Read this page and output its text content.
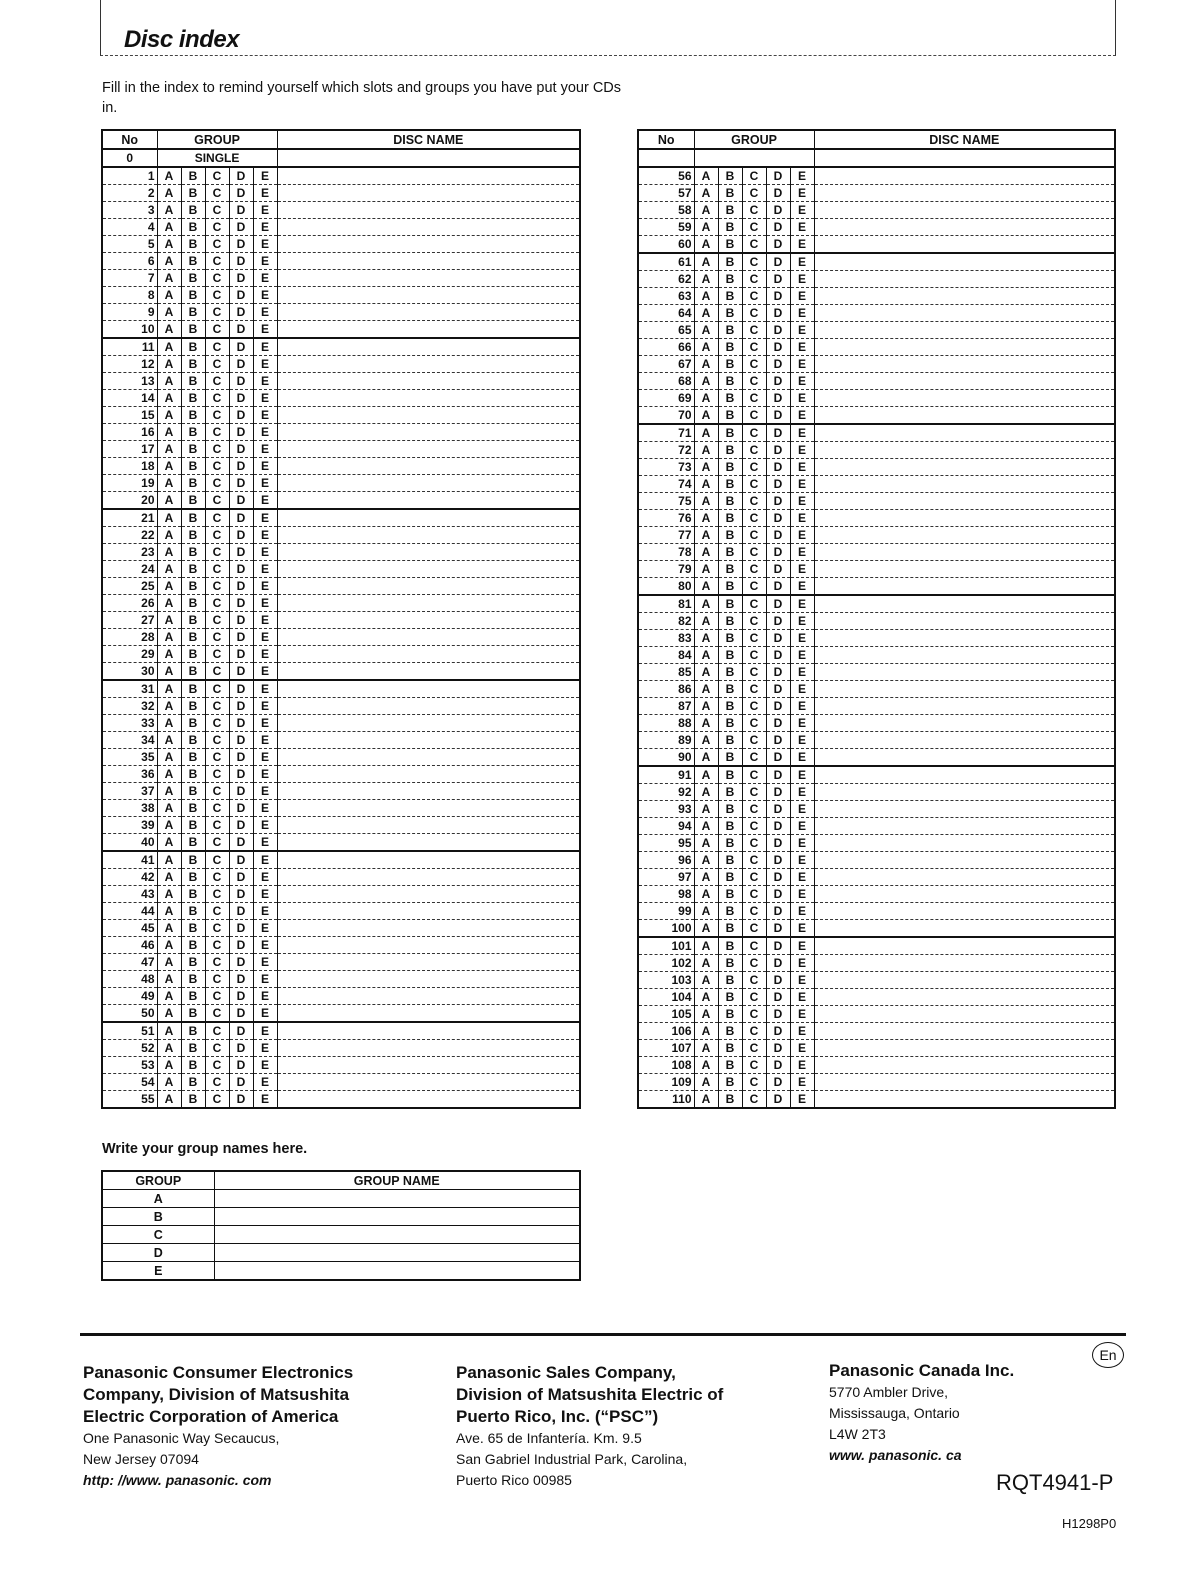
Disc index
Fill in the index to remind yourself which slots and groups you have put your CDs in.
No	GROUP					DISC NAME
0	SINGLE					
1	A	B	C	D	E	
2	A	B	C	D	E	
3	A	B	C	D	E	
4	A	B	C	D	E	
5	A	B	C	D	E	
6	A	B	C	D	E	
7	A	B	C	D	E	
8	A	B	C	D	E	
9	A	B	C	D	E	
10	A	B	C	D	E	
11	A	B	C	D	E	
12	A	B	C	D	E	
13	A	B	C	D	E	
14	A	B	C	D	E	
15	A	B	C	D	E	
16	A	B	C	D	E	
17	A	B	C	D	E	
18	A	B	C	D	E	
19	A	B	C	D	E	
20	A	B	C	D	E	
21	A	B	C	D	E	
22	A	B	C	D	E	
23	A	B	C	D	E	
24	A	B	C	D	E	
25	A	B	C	D	E	
26	A	B	C	D	E	
27	A	B	C	D	E	
28	A	B	C	D	E	
29	A	B	C	D	E	
30	A	B	C	D	E	
31	A	B	C	D	E	
32	A	B	C	D	E	
33	A	B	C	D	E	
34	A	B	C	D	E	
35	A	B	C	D	E	
36	A	B	C	D	E	
37	A	B	C	D	E	
38	A	B	C	D	E	
39	A	B	C	D	E	
40	A	B	C	D	E	
41	A	B	C	D	E	
42	A	B	C	D	E	
43	A	B	C	D	E	
44	A	B	C	D	E	
45	A	B	C	D	E	
46	A	B	C	D	E	
47	A	B	C	D	E	
48	A	B	C	D	E	
49	A	B	C	D	E	
50	A	B	C	D	E	
51	A	B	C	D	E	
52	A	B	C	D	E	
53	A	B	C	D	E	
54	A	B	C	D	E	
55	A	B	C	D	E	
No	GROUP					DISC NAME

56	A	B	C	D	E	
57	A	B	C	D	E	
58	A	B	C	D	E	
59	A	B	C	D	E	
60	A	B	C	D	E	
61	A	B	C	D	E	
62	A	B	C	D	E	
63	A	B	C	D	E	
64	A	B	C	D	E	
65	A	B	C	D	E	
66	A	B	C	D	E	
67	A	B	C	D	E	
68	A	B	C	D	E	
69	A	B	C	D	E	
70	A	B	C	D	E	
71	A	B	C	D	E	
72	A	B	C	D	E	
73	A	B	C	D	E	
74	A	B	C	D	E	
75	A	B	C	D	E	
76	A	B	C	D	E	
77	A	B	C	D	E	
78	A	B	C	D	E	
79	A	B	C	D	E	
80	A	B	C	D	E	
81	A	B	C	D	E	
82	A	B	C	D	E	
83	A	B	C	D	E	
84	A	B	C	D	E	
85	A	B	C	D	E	
86	A	B	C	D	E	
87	A	B	C	D	E	
88	A	B	C	D	E	
89	A	B	C	D	E	
90	A	B	C	D	E	
91	A	B	C	D	E	
92	A	B	C	D	E	
93	A	B	C	D	E	
94	A	B	C	D	E	
95	A	B	C	D	E	
96	A	B	C	D	E	
97	A	B	C	D	E	
98	A	B	C	D	E	
99	A	B	C	D	E	
100	A	B	C	D	E	
101	A	B	C	D	E	
102	A	B	C	D	E	
103	A	B	C	D	E	
104	A	B	C	D	E	
105	A	B	C	D	E	
106	A	B	C	D	E	
107	A	B	C	D	E	
108	A	B	C	D	E	
109	A	B	C	D	E	
110	A	B	C	D	E	
Write your group names here.
GROUP	GROUP NAME
A	
B	
C	
D	
E	
Panasonic Consumer Electronics
Company, Division of Matsushita
Electric Corporation of America
One Panasonic Way Secaucus,
New Jersey 07094
http: //www. panasonic. com
Panasonic Sales Company,
Division of Matsushita Electric of
Puerto Rico, Inc. (“PSC”)
Ave. 65 de Infantería. Km. 9.5
San Gabriel Industrial Park, Carolina,
Puerto Rico 00985
Panasonic Canada Inc.
5770 Ambler Drive,
Mississauga, Ontario
L4W 2T3
www. panasonic. ca
En
RQT4941-P
H1298P0
